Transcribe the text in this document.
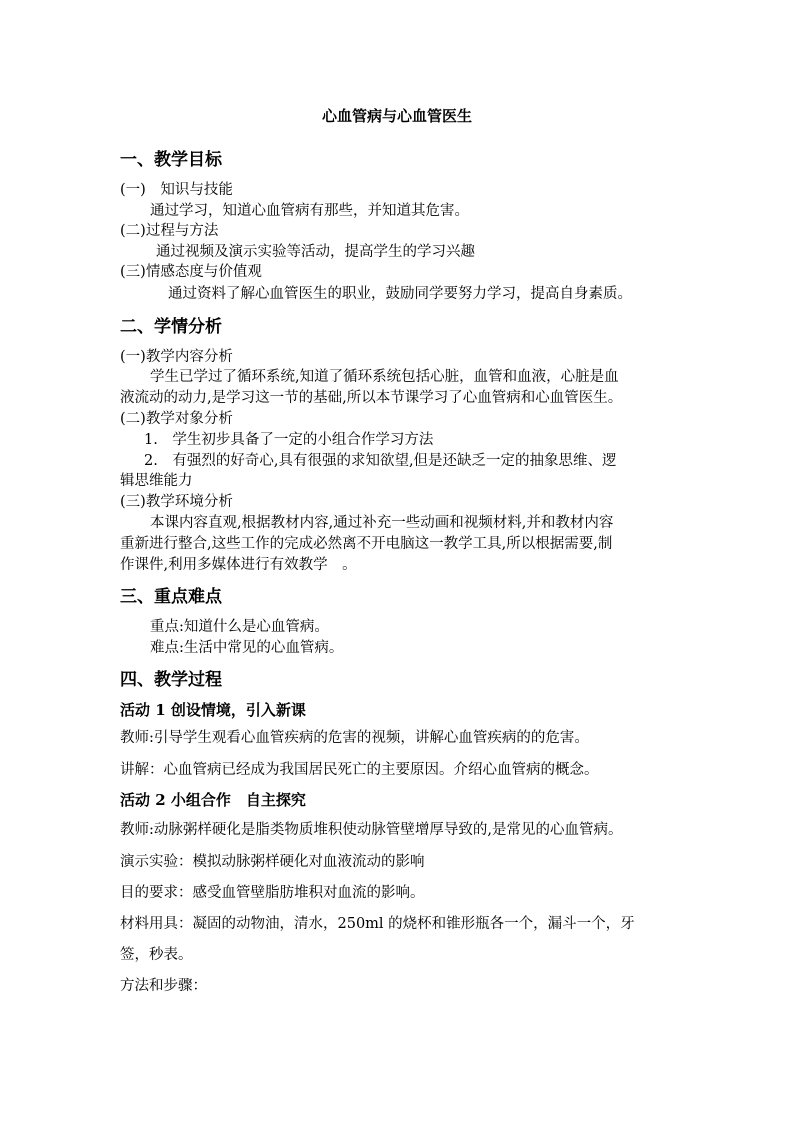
心血管病与心血管医生
一、教学目标
(一)　知识与技能
通过学习，知道心血管病有那些，并知道其危害。
(二)过程与方法
通过视频及演示实验等活动，提高学生的学习兴趣
(三)情感态度与价值观
通过资料了解心血管医生的职业，鼓励同学要努力学习，提高自身素质。
二、学情分析
(一)教学内容分析
学生已学过了循环系统,知道了循环系统包括心脏，血管和血液，心脏是血
液流动的动力,是学习这一节的基础,所以本节课学习了心血管病和心血管医生。
(二)教学对象分析
1.　学生初步具备了一定的小组合作学习方法
2.　有强烈的好奇心,具有很强的求知欲望,但是还缺乏一定的抽象思维、逻
辑思维能力
(三)教学环境分析
本课内容直观,根据教材内容,通过补充一些动画和视频材料,并和教材内容
重新进行整合,这些工作的完成必然离不开电脑这一教学工具,所以根据需要,制
作课件,利用多媒体进行有效教学　。
三、重点难点
重点:知道什么是心血管病。
难点:生活中常见的心血管病。
四、教学过程
活动 1 创设情境，引入新课
教师:引导学生观看心血管疾病的危害的视频，讲解心血管疾病的的危害。
讲解：心血管病已经成为我国居民死亡的主要原因。介绍心血管病的概念。
活动 2 小组合作　自主探究
教师:动脉粥样硬化是脂类物质堆积使动脉管壁增厚导致的,是常见的心血管病。
演示实验：模拟动脉粥样硬化对血液流动的影响
目的要求：感受血管壁脂肪堆积对血流的影响。
材料用具：凝固的动物油，清水，250ml 的烧杯和锥形瓶各一个，漏斗一个，牙
签，秒表。
方法和步骤：
